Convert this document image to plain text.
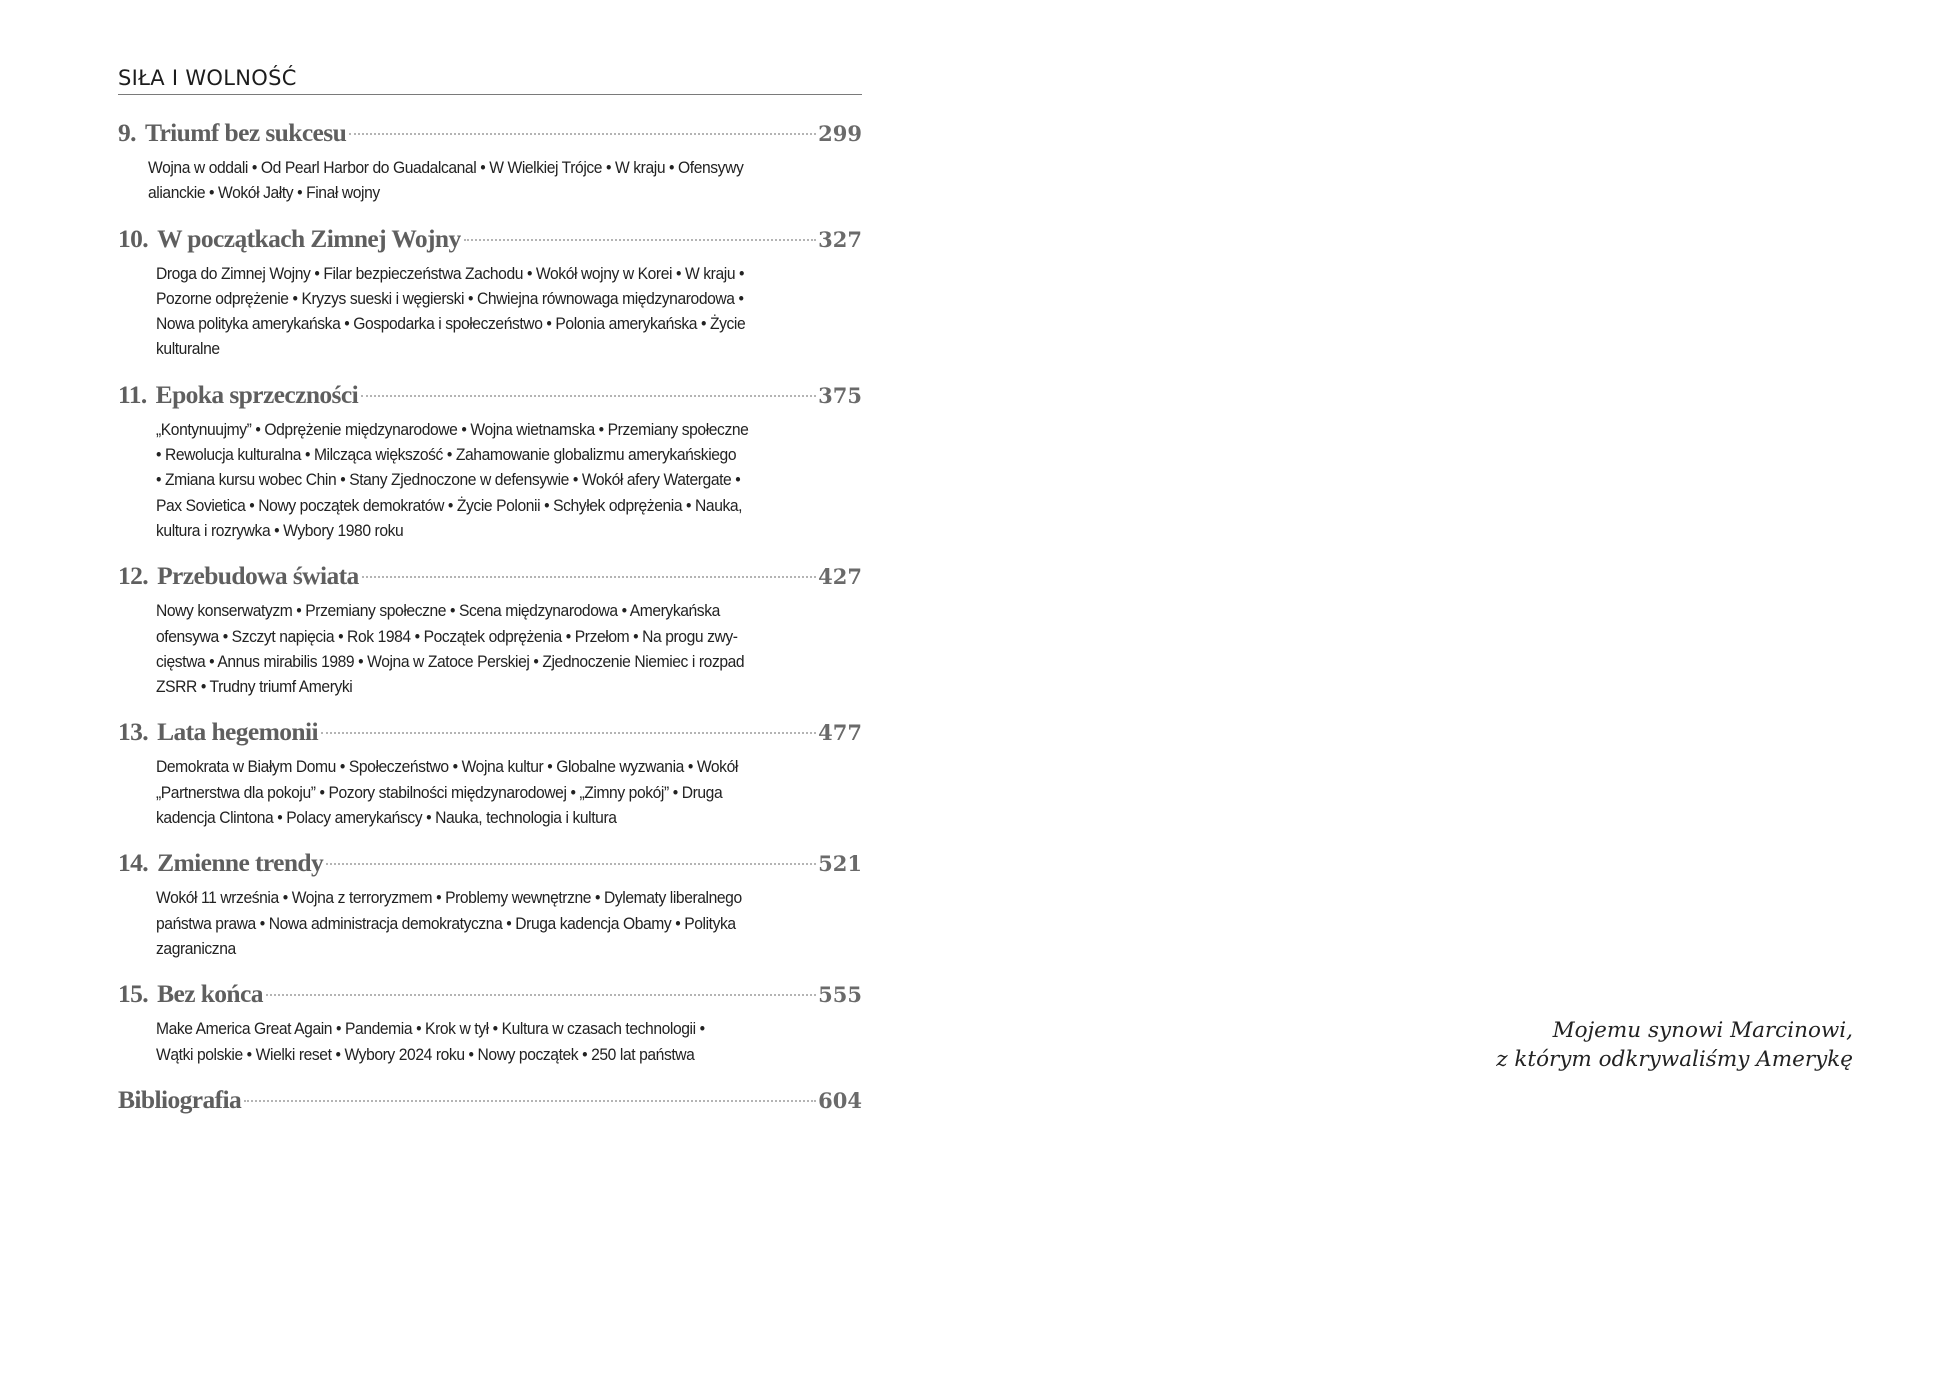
SIŁA I WOLNOŚĆ
9. Triumf bez sukcesu	299
Wojna w oddali • Od Pearl Harbor do Guadalcanal • W Wielkiej Trójce • W kraju • Ofensywy
alianckie • Wokół Jałty • Finał wojny
10. W początkach Zimnej Wojny	327
Droga do Zimnej Wojny • Filar bezpieczeństwa Zachodu • Wokół wojny w Korei • W kraju •
Pozorne odprężenie • Kryzys sueski i węgierski • Chwiejna równowaga międzynarodowa •
Nowa polityka amerykańska • Gospodarka i społeczeństwo • Polonia amerykańska • Życie
kulturalne
11. Epoka sprzeczności	375
„Kontynuujmy” • Odprężenie międzynarodowe • Wojna wietnamska • Przemiany społeczne
• Rewolucja kulturalna • Milcząca większość • Zahamowanie globalizmu amerykańskiego
• Zmiana kursu wobec Chin • Stany Zjednoczone w defensywie • Wokół afery Watergate •
Pax Sovietica • Nowy początek demokratów • Życie Polonii • Schyłek odprężenia • Nauka,
kultura i rozrywka • Wybory 1980 roku
12. Przebudowa świata	427
Nowy konserwatyzm • Przemiany społeczne • Scena międzynarodowa • Amerykańska
ofensywa • Szczyt napięcia • Rok 1984 • Początek odprężenia • Przełom • Na progu zwy-
cięstwa • Annus mirabilis 1989 • Wojna w Zatoce Perskiej • Zjednoczenie Niemiec i rozpad
ZSRR • Trudny triumf Ameryki
13. Lata hegemonii	477
Demokrata w Białym Domu • Społeczeństwo • Wojna kultur • Globalne wyzwania • Wokół
„Partnerstwa dla pokoju” • Pozory stabilności międzynarodowej • „Zimny pokój” • Druga
kadencja Clintona • Polacy amerykańscy • Nauka, technologia i kultura
14. Zmienne trendy	521
Wokół 11 września • Wojna z terroryzmem • Problemy wewnętrzne • Dylematy liberalnego
państwa prawa • Nowa administracja demokratyczna • Druga kadencja Obamy • Polityka
zagraniczna
15. Bez końca	555
Make America Great Again • Pandemia • Krok w tył • Kultura w czasach technologii •
Wątki polskie • Wielki reset • Wybory 2024 roku • Nowy początek • 250 lat państwa
Bibliografia	604
Mojemu synowi Marcinowi,
z którym odkrywaliśmy Amerykę
